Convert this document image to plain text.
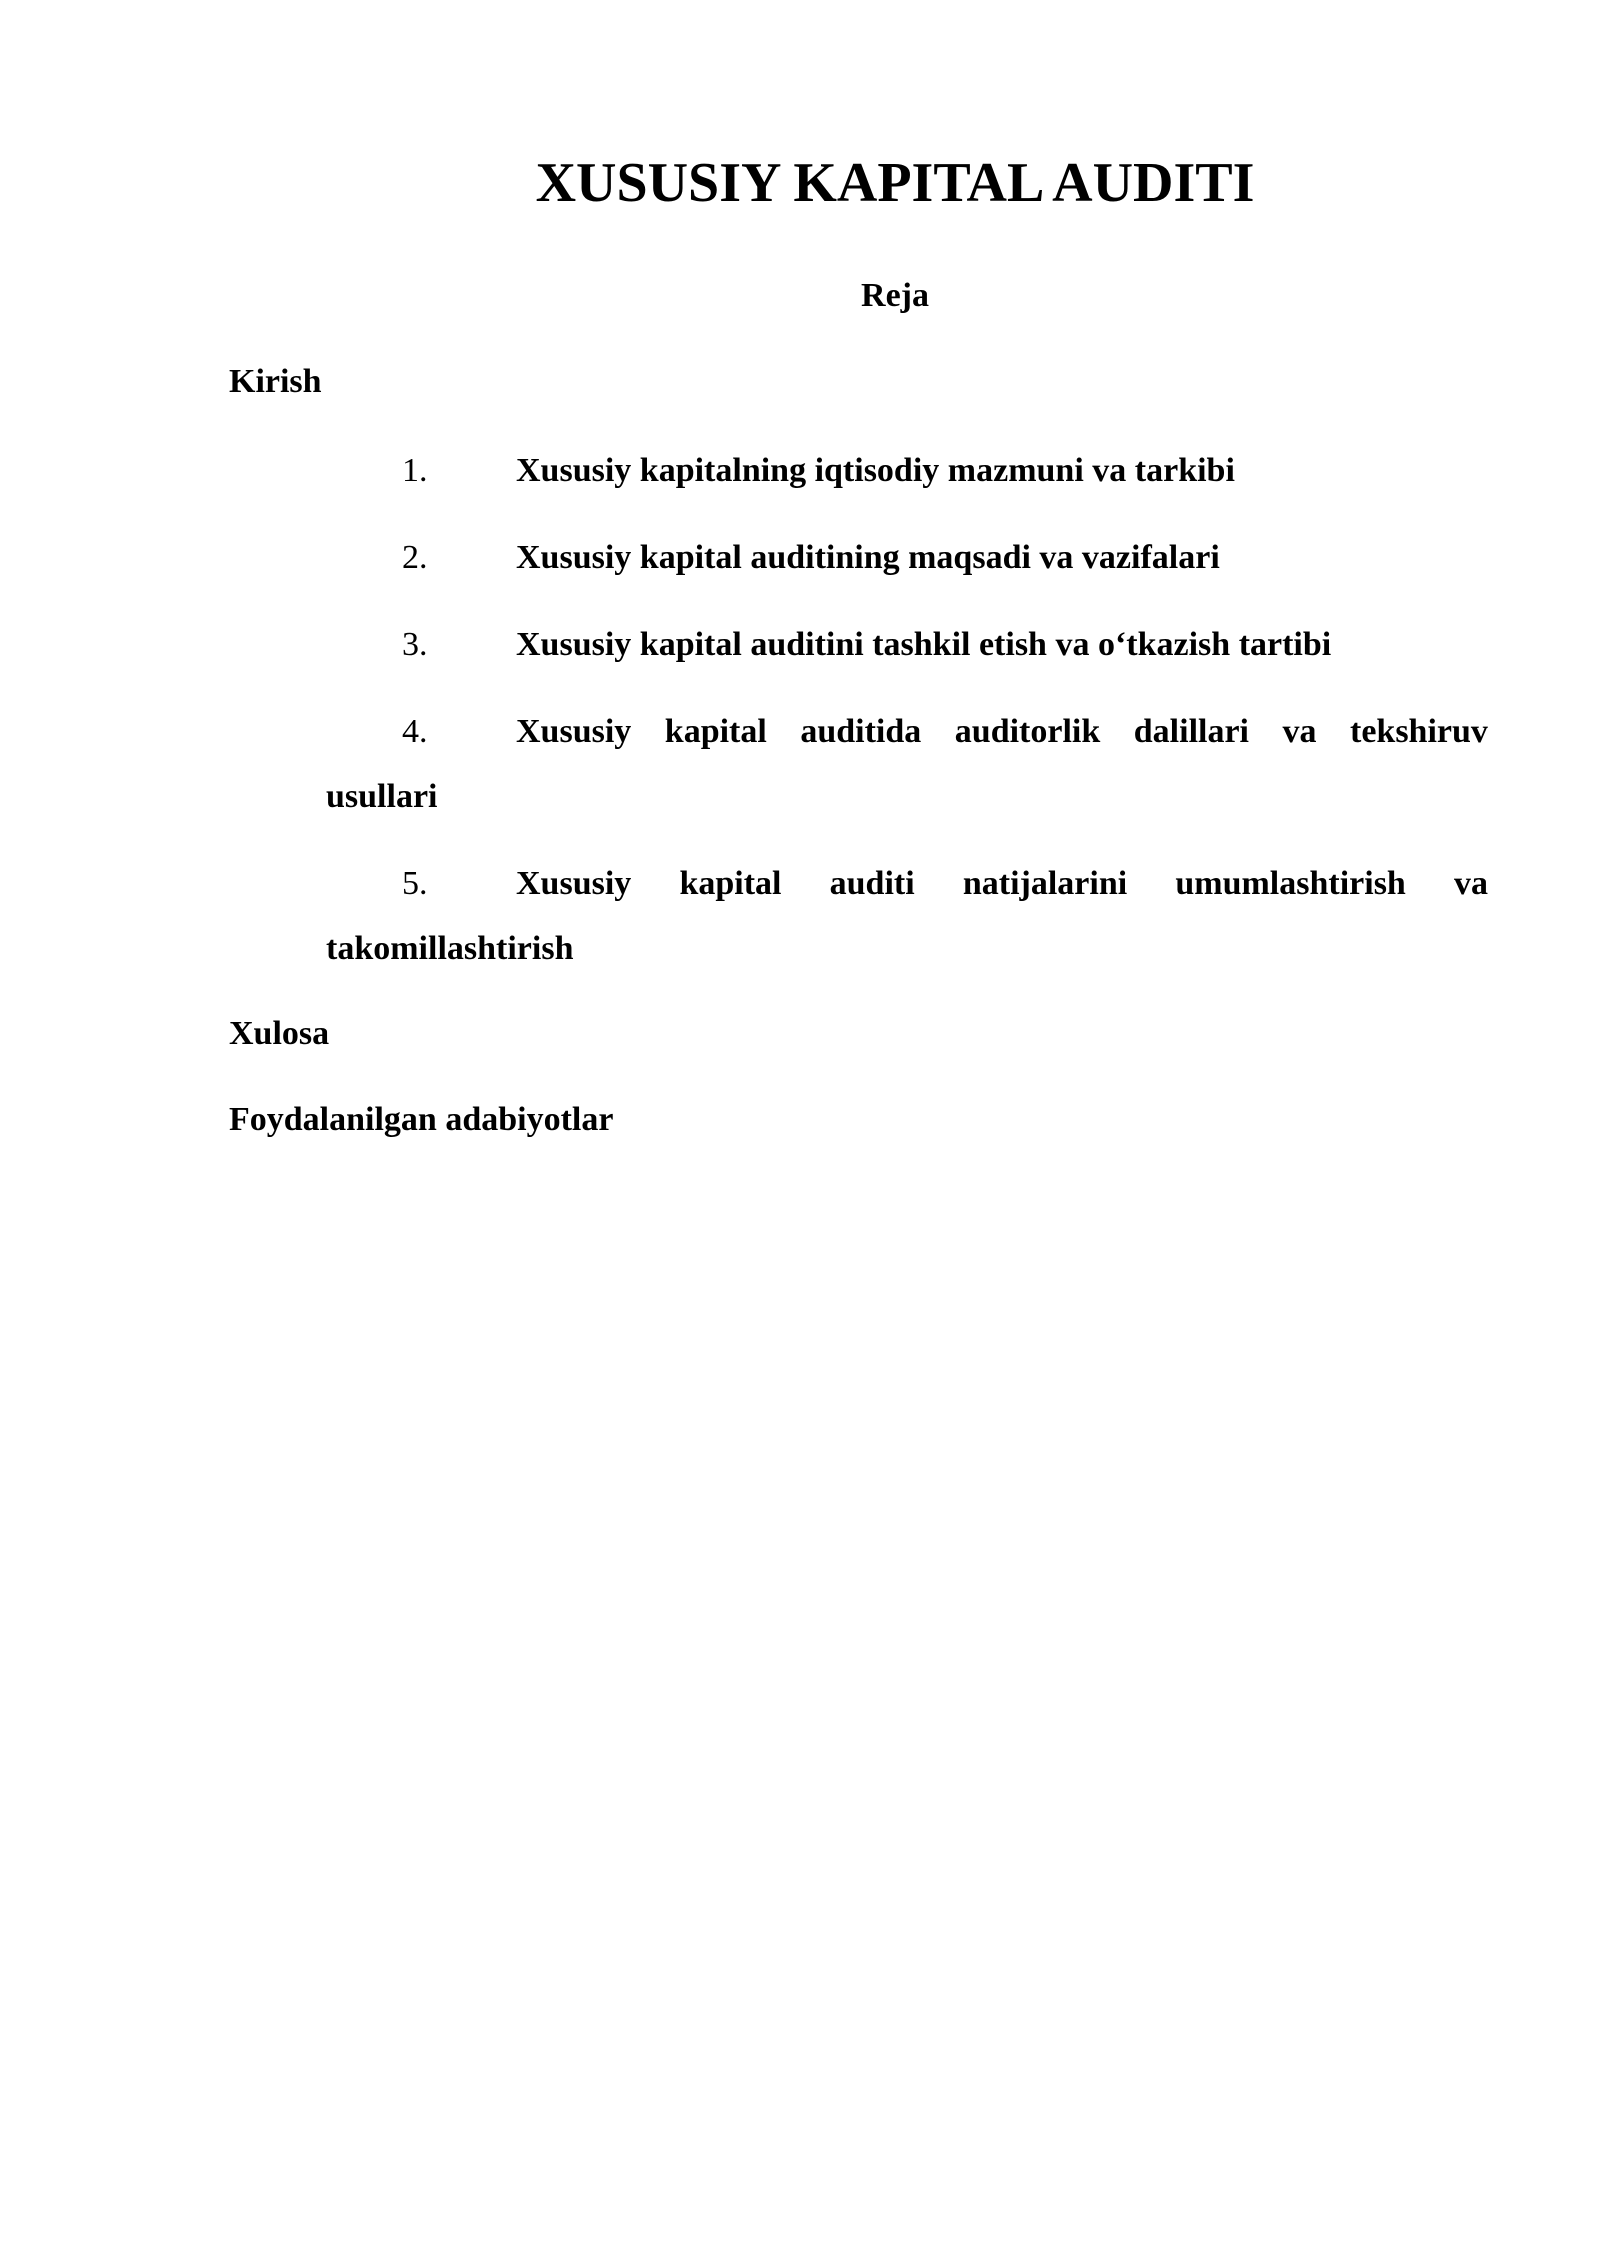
XUSUSIY KAPITAL AUDITI
Reja

Kirish

1.	Xususiy kapitalning iqtisodiy mazmuni va tarkibi
2.	Xususiy kapital auditining maqsadi va vazifalari
3.	Xususiy kapital auditini tashkil etish va o‘tkazish tartibi
4.	Xususiy kapital auditida auditorlik dalillari va tekshiruv
usullari
5.	Xususiy kapital auditi natijalarini umumlashtirish va
takomillashtirish

Xulosa

Foydalanilgan adabiyotlar
